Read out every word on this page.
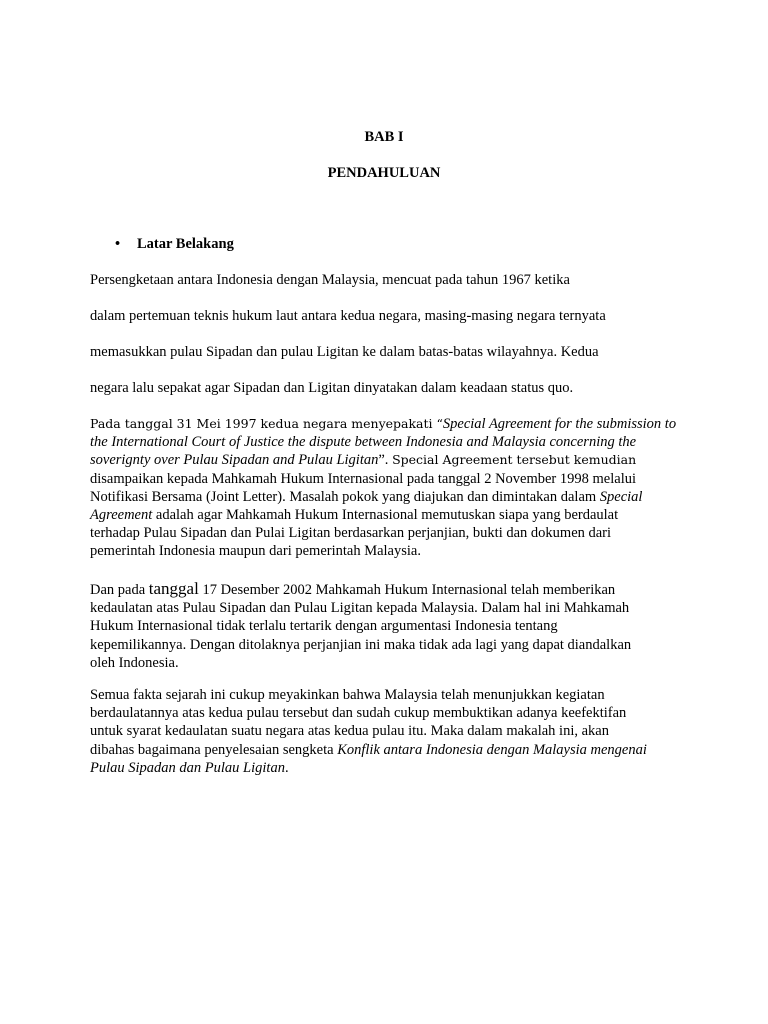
BAB I
PENDAHULUAN
• Latar Belakang
Persengketaan antara Indonesia dengan Malaysia, mencuat pada tahun 1967 ketika
dalam pertemuan teknis hukum laut antara kedua negara, masing-masing negara ternyata
memasukkan pulau Sipadan dan pulau Ligitan ke dalam batas-batas wilayahnya. Kedua
negara lalu sepakat agar Sipadan dan Ligitan dinyatakan dalam keadaan status quo.
Pada tanggal 31 Mei 1997 kedua negara menyepakati “Special Agreement for the submission to
the International Court of Justice the dispute between Indonesia and Malaysia concerning the
soverignty over Pulau Sipadan and Pulau Ligitan”. Special Agreement tersebut kemudian
disampaikan kepada Mahkamah Hukum Internasional pada tanggal 2 November 1998 melalui
Notifikasi Bersama (Joint Letter). Masalah pokok yang diajukan dan dimintakan dalam Special
Agreement adalah agar Mahkamah Hukum Internasional memutuskan siapa yang berdaulat
terhadap Pulau Sipadan dan Pulai Ligitan berdasarkan perjanjian, bukti dan dokumen dari
pemerintah Indonesia maupun dari pemerintah Malaysia.
Dan pada tanggal 17 Desember 2002 Mahkamah Hukum Internasional telah memberikan
kedaulatan atas Pulau Sipadan dan Pulau Ligitan kepada Malaysia. Dalam hal ini Mahkamah
Hukum Internasional tidak terlalu tertarik dengan argumentasi Indonesia tentang
kepemilikannya. Dengan ditolaknya perjanjian ini maka tidak ada lagi yang dapat diandalkan
oleh Indonesia.
Semua fakta sejarah ini cukup meyakinkan bahwa Malaysia telah menunjukkan kegiatan
berdaulatannya atas kedua pulau tersebut dan sudah cukup membuktikan adanya keefektifan
untuk syarat kedaulatan suatu negara atas kedua pulau itu. Maka dalam makalah ini, akan
dibahas bagaimana penyelesaian sengketa Konflik antara Indonesia dengan Malaysia mengenai
Pulau Sipadan dan Pulau Ligitan.
